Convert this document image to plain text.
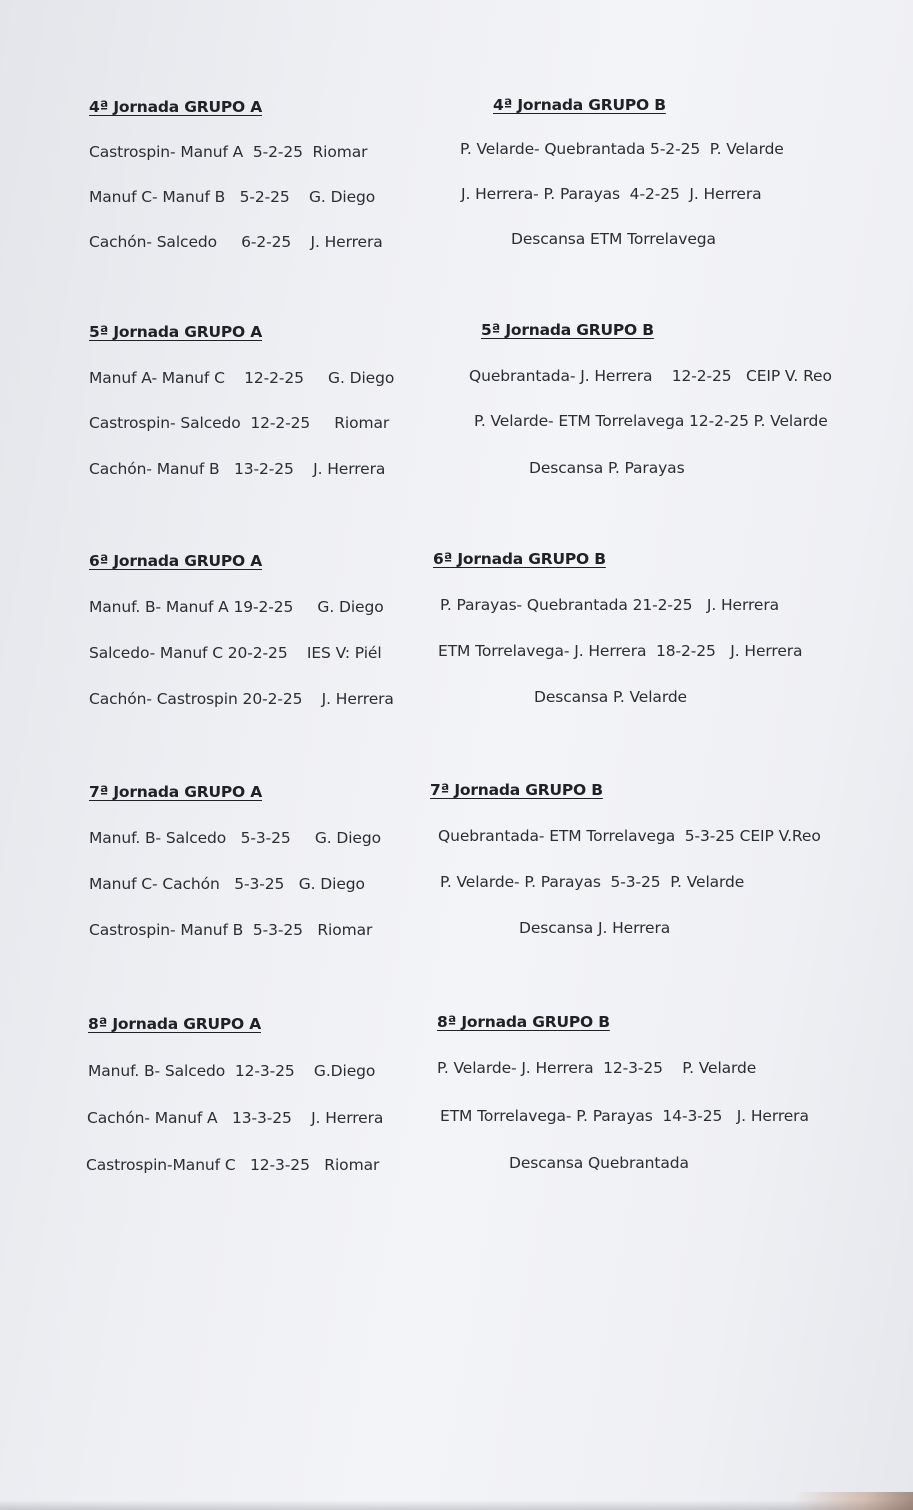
4ª Jornada GRUPO A
Castrospin- Manuf A  5-2-25  Riomar
Manuf C- Manuf B   5-2-25    G. Diego
Cachón- Salcedo     6-2-25    J. Herrera
5ª Jornada GRUPO A
Manuf A- Manuf C    12-2-25     G. Diego
Castrospin- Salcedo  12-2-25     Riomar
Cachón- Manuf B   13-2-25    J. Herrera
6ª Jornada GRUPO A
Manuf. B- Manuf A 19-2-25     G. Diego
Salcedo- Manuf C 20-2-25    IES V: Piél
Cachón- Castrospin 20-2-25    J. Herrera
7ª Jornada GRUPO A
Manuf. B- Salcedo   5-3-25     G. Diego
Manuf C- Cachón   5-3-25   G. Diego
Castrospin- Manuf B  5-3-25   Riomar
8ª Jornada GRUPO A
Manuf. B- Salcedo  12-3-25    G.Diego
Cachón- Manuf A   13-3-25    J. Herrera
Castrospin-Manuf C   12-3-25   Riomar
4ª Jornada GRUPO B
P. Velarde- Quebrantada 5-2-25  P. Velarde
J. Herrera- P. Parayas  4-2-25  J. Herrera
Descansa ETM Torrelavega
5ª Jornada GRUPO B
Quebrantada- J. Herrera    12-2-25   CEIP V. Reo
P. Velarde- ETM Torrelavega 12-2-25 P. Velarde
Descansa P. Parayas
6ª Jornada GRUPO B
P. Parayas- Quebrantada 21-2-25   J. Herrera
ETM Torrelavega- J. Herrera  18-2-25   J. Herrera
Descansa P. Velarde
7ª Jornada GRUPO B
Quebrantada- ETM Torrelavega  5-3-25 CEIP V.Reo
P. Velarde- P. Parayas  5-3-25  P. Velarde
Descansa J. Herrera
8ª Jornada GRUPO B
P. Velarde- J. Herrera  12-3-25    P. Velarde
ETM Torrelavega- P. Parayas  14-3-25   J. Herrera
Descansa Quebrantada
